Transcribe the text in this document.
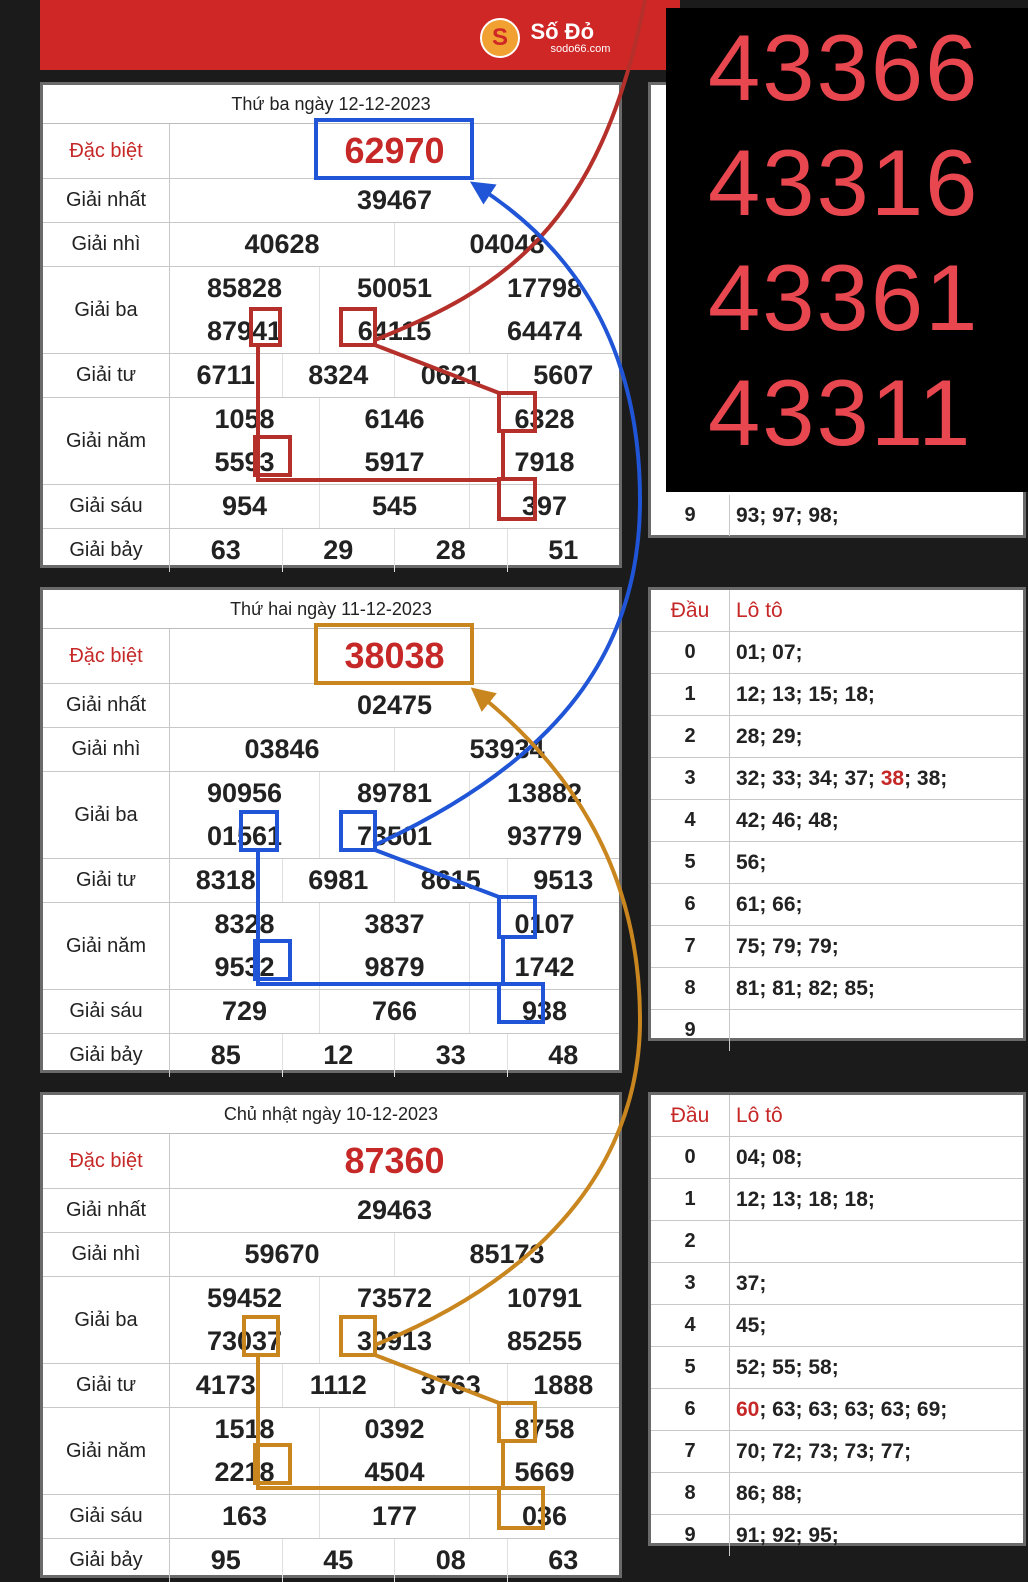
S Số Đỏ
sodo66.com
Thứ ba ngày 12-12-2023
Đặc biệt	62970
Giải nhất	39467
Giải nhì	40628	04048
Giải ba
85828	50051	17798
87941	64115	64474
Giải tư	6711	8324	0621	5607
Giải năm
1058	6146	6328
5593	5917	7918
Giải sáu	954	545	397
Giải bảy	63	29	28	51
Thứ hai ngày 11-12-2023
Đặc biệt	38038
Giải nhất	02475
Giải nhì	03846	53934
Giải ba
90956	89781	13882
01561	73501	93779
Giải tư	8318	6981	8615	9513
Giải năm
8328	3837	0107
9532	9879	1742
Giải sáu	729	766	938
Giải bảy	85	12	33	48
Chủ nhật ngày 10-12-2023
Đặc biệt	87360
Giải nhất	29463
Giải nhì	59670	85173
Giải ba
59452	73572	10791
73037	30913	85255
Giải tư	4173	1112	3763	1888
Giải năm
1518	0392	8758
2218	4504	5669
Giải sáu	163	177	036
Giải bảy	95	45	08	63
9	93; 97; 98;
Đầu	Lô tô
0	01; 07;
1	12; 13; 15; 18;
2	28; 29;
3	32; 33; 34; 37; 38 ; 38;
4	42; 46; 48;
5	56;
6	61; 66;
7	75; 79; 79;
8	81; 81; 82; 85;
9
Đầu	Lô tô
0	04; 08;
1	12; 13; 18; 18;
2
3	37;
4	45;
5	52; 55; 58;
6	60 ; 63; 63; 63; 63; 69;
7	70; 72; 73; 73; 77;
8	86; 88;
9	91; 92; 95;
43366
43316
43361
43311
